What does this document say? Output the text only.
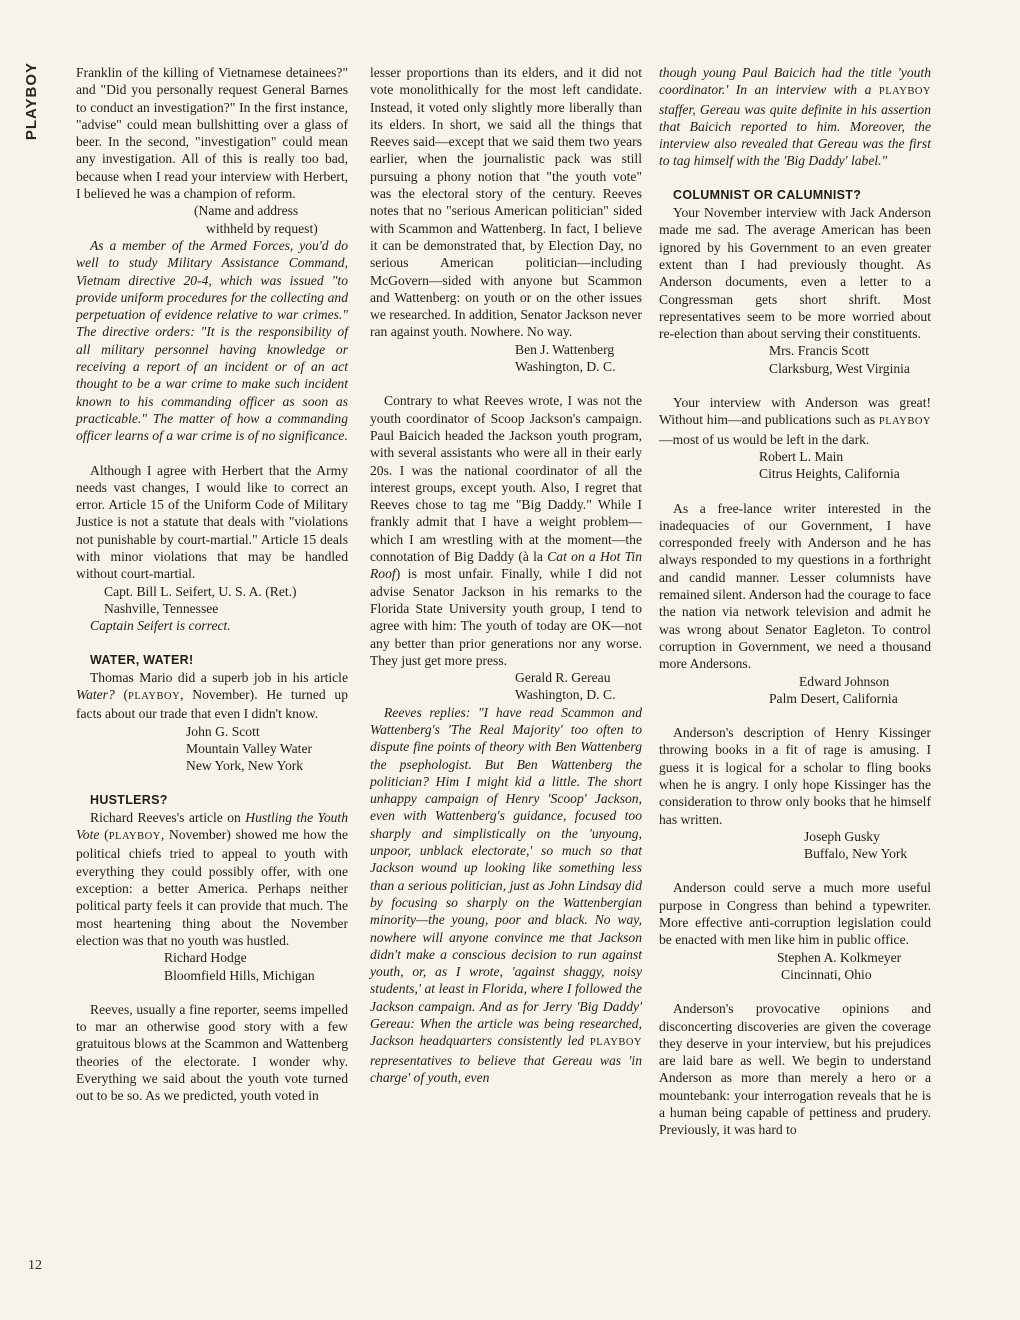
PLAYBOY
12

Franklin of the killing of Vietnamese detainees?" and "Did you personally request General Barnes to conduct an investigation?" In the first instance, "advise" could mean bullshitting over a glass of beer. In the second, "investigation" could mean any investigation. All of this is really too bad, because when I read your interview with Herbert, I believed he was a champion of reform.

(Name and address
withheld by request)

As a member of the Armed Forces, you'd do well to study Military Assistance Command, Vietnam directive 20-4, which was issued "to provide uniform procedures for the collecting and perpetuation of evidence relative to war crimes." The directive orders: "It is the responsibility of all military personnel having knowledge or receiving a report of an incident or of an act thought to be a war crime to make such incident known to his commanding officer as soon as practicable." The matter of how a commanding officer learns of a war crime is of no significance.

Although I agree with Herbert that the Army needs vast changes, I would like to correct an error. Article 15 of the Uniform Code of Military Justice is not a statute that deals with "violations not punishable by court-martial." Article 15 deals with minor violations that may be handled without court-martial.

Capt. Bill L. Seifert, U. S. A. (Ret.)
Nashville, Tennessee

Captain Seifert is correct.

WATER, WATER!

Thomas Mario did a superb job in his article Water? (PLAYBOY, November). He turned up facts about our trade that even I didn't know.

John G. Scott
Mountain Valley Water
New York, New York

HUSTLERS?

Richard Reeves's article on Hustling the Youth Vote (PLAYBOY, November) showed me how the political chiefs tried to appeal to youth with everything they could possibly offer, with one exception: a better America. Perhaps neither political party feels it can provide that much. The most heartening thing about the November election was that no youth was hustled.

Richard Hodge
Bloomfield Hills, Michigan

Reeves, usually a fine reporter, seems impelled to mar an otherwise good story with a few gratuitous blows at the Scammon and Wattenberg theories of the electorate. I wonder why. Everything we said about the youth vote turned out to be so. As we predicted, youth voted in

lesser proportions than its elders, and it did not vote monolithically for the most left candidate. Instead, it voted only slightly more liberally than its elders. In short, we said all the things that Reeves said—except that we said them two years earlier, when the journalistic pack was still pursuing a phony notion that "the youth vote" was the electoral story of the century. Reeves notes that no "serious American politician" sided with Scammon and Wattenberg. In fact, I believe it can be demonstrated that, by Election Day, no serious American politician—including McGovern—sided with anyone but Scammon and Wattenberg: on youth or on the other issues we researched. In addition, Senator Jackson never ran against youth. Nowhere. No way.

Ben J. Wattenberg
Washington, D. C.

Contrary to what Reeves wrote, I was not the youth coordinator of Scoop Jackson's campaign. Paul Baicich headed the Jackson youth program, with several assistants who were all in their early 20s. I was the national coordinator of all the interest groups, except youth. Also, I regret that Reeves chose to tag me "Big Daddy." While I frankly admit that I have a weight problem—which I am wrestling with at the moment—the connotation of Big Daddy (à la Cat on a Hot Tin Roof) is most unfair. Finally, while I did not advise Senator Jackson in his remarks to the Florida State University youth group, I tend to agree with him: The youth of today are OK—not any better than prior generations nor any worse. They just get more press.

Gerald R. Gereau
Washington, D. C.

Reeves replies: "I have read Scammon and Wattenberg's 'The Real Majority' too often to dispute fine points of theory with Ben Wattenberg the psephologist. But Ben Wattenberg the politician? Him I might kid a little. The short unhappy campaign of Henry 'Scoop' Jackson, even with Wattenberg's guidance, focused too sharply and simplistically on the 'unyoung, unpoor, unblack electorate,' so much so that Jackson wound up looking like something less than a serious politician, just as John Lindsay did by focusing so sharply on the Wattenbergian minority—the young, poor and black. No way, nowhere will anyone convince me that Jackson didn't make a conscious decision to run against youth, or, as I wrote, 'against shaggy, noisy students,' at least in Florida, where I followed the Jackson campaign. And as for Jerry 'Big Daddy' Gereau: When the article was being researched, Jackson headquarters consistently led PLAYBOY representatives to believe that Gereau was 'in charge' of youth, even

though young Paul Baicich had the title 'youth coordinator.' In an interview with a PLAYBOY staffer, Gereau was quite definite in his assertion that Baicich reported to him. Moreover, the interview also revealed that Gereau was the first to tag himself with the 'Big Daddy' label."

COLUMNIST OR CALUMNIST?

Your November interview with Jack Anderson made me sad. The average American has been ignored by his Government to an even greater extent than I had previously thought. As Anderson documents, even a letter to a Congressman gets short shrift. Most representatives seem to be more worried about re-election than about serving their constituents.

Mrs. Francis Scott
Clarksburg, West Virginia

Your interview with Anderson was great! Without him—and publications such as PLAYBOY—most of us would be left in the dark.

Robert L. Main
Citrus Heights, California

As a free-lance writer interested in the inadequacies of our Government, I have corresponded freely with Anderson and he has always responded to my questions in a forthright and candid manner. Lesser columnists have remained silent. Anderson had the courage to face the nation via network television and admit he was wrong about Senator Eagleton. To control corruption in Government, we need a thousand more Andersons.

Edward Johnson
Palm Desert, California

Anderson's description of Henry Kissinger throwing books in a fit of rage is amusing. I guess it is logical for a scholar to fling books when he is angry. I only hope Kissinger has the consideration to throw only books that he himself has written.

Joseph Gusky
Buffalo, New York

Anderson could serve a much more useful purpose in Congress than behind a typewriter. More effective anti-corruption legislation could be enacted with men like him in public office.

Stephen A. Kolkmeyer
Cincinnati, Ohio

Anderson's provocative opinions and disconcerting discoveries are given the coverage they deserve in your interview, but his prejudices are laid bare as well. We begin to understand Anderson as more than merely a hero or a mountebank: your interrogation reveals that he is a human being capable of pettiness and prudery. Previously, it was hard to
